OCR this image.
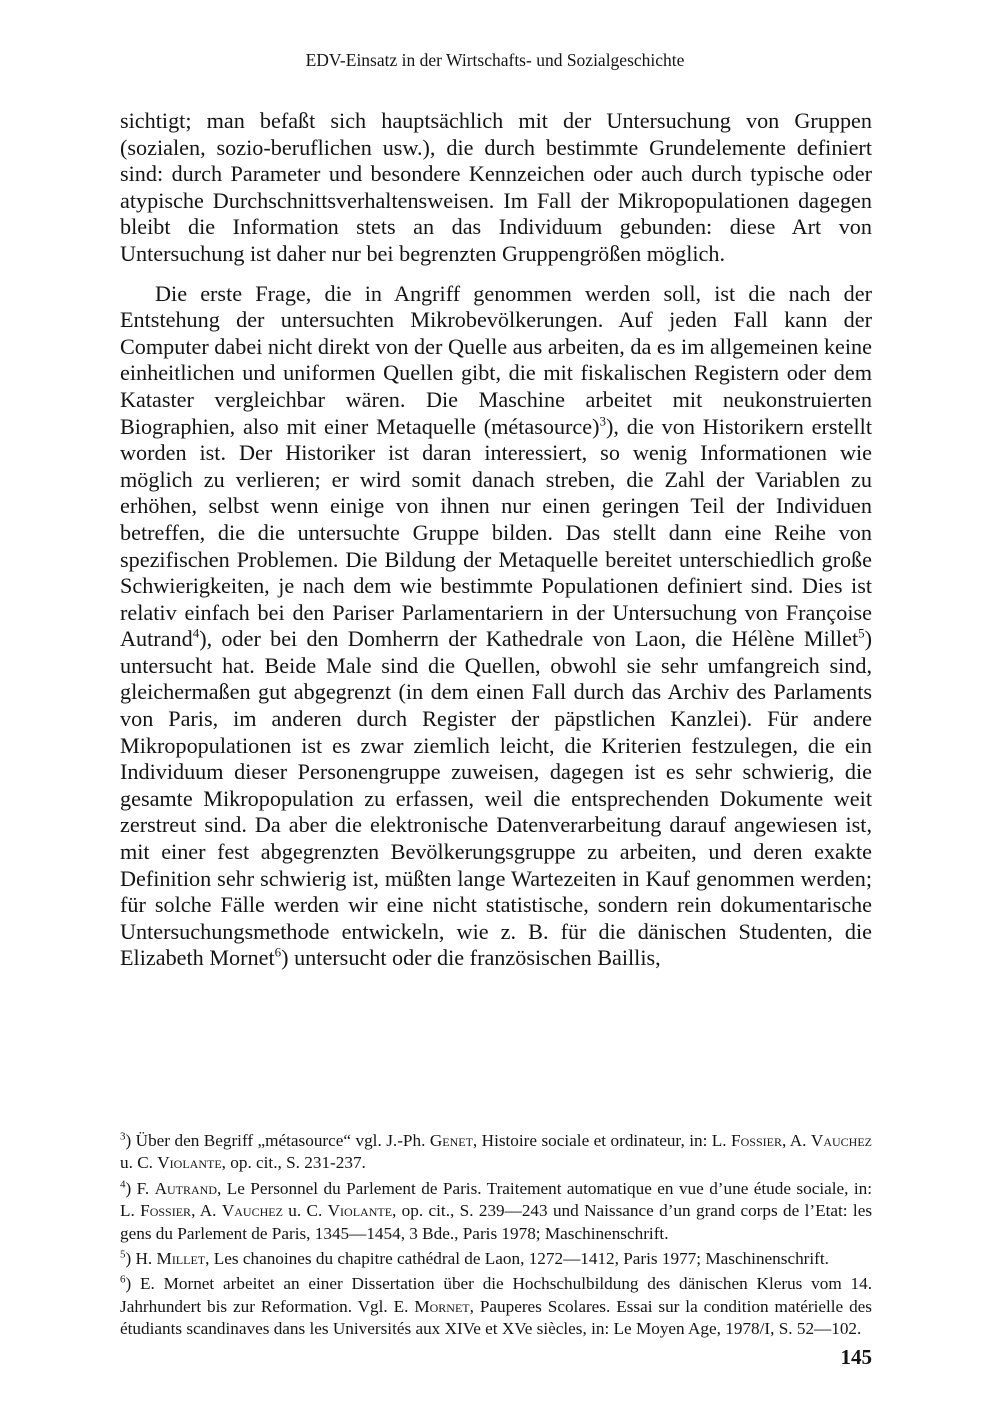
EDV-Einsatz in der Wirtschafts- und Sozialgeschichte

sichtigt; man befaßt sich hauptsächlich mit der Untersuchung von Gruppen (sozialen, sozio-beruflichen usw.), die durch bestimmte Grundelemente definiert sind: durch Parameter und besondere Kennzeichen oder auch durch typische oder atypische Durchschnittsverhaltensweisen. Im Fall der Mikropopulationen dagegen bleibt die Information stets an das Individuum gebunden: diese Art von Untersuchung ist daher nur bei begrenzten Gruppengrößen möglich.

Die erste Frage, die in Angriff genommen werden soll, ist die nach der Entstehung der untersuchten Mikrobevölkerungen. Auf jeden Fall kann der Computer dabei nicht direkt von der Quelle aus arbeiten, da es im allgemeinen keine einheitlichen und uniformen Quellen gibt, die mit fiskalischen Registern oder dem Kataster vergleichbar wären. Die Maschine arbeitet mit neukonstruierten Biographien, also mit einer Metaquelle (métasource)$^3$), die von Historikern erstellt worden ist. Der Historiker ist daran interessiert, so wenig Informationen wie möglich zu verlieren; er wird somit danach streben, die Zahl der Variablen zu erhöhen, selbst wenn einige von ihnen nur einen geringen Teil der Individuen betreffen, die die untersuchte Gruppe bilden. Das stellt dann eine Reihe von spezifischen Problemen. Die Bildung der Metaquelle bereitet unterschiedlich große Schwierigkeiten, je nach dem wie bestimmte Populationen definiert sind. Dies ist relativ einfach bei den Pariser Parlamentariern in der Untersuchung von Françoise Autrand$^4$), oder bei den Domherrn der Kathedrale von Laon, die Hélène Millet$^5$) untersucht hat. Beide Male sind die Quellen, obwohl sie sehr umfangreich sind, gleichermaßen gut abgegrenzt (in dem einen Fall durch das Archiv des Parlaments von Paris, im anderen durch Register der päpstlichen Kanzlei). Für andere Mikropopulationen ist es zwar ziemlich leicht, die Kriterien festzulegen, die ein Individuum dieser Personengruppe zuweisen, dagegen ist es sehr schwierig, die gesamte Mikropopulation zu erfassen, weil die entsprechenden Dokumente weit zerstreut sind. Da aber die elektronische Datenverarbeitung darauf angewiesen ist, mit einer fest abgegrenzten Bevölkerungsgruppe zu arbeiten, und deren exakte Definition sehr schwierig ist, müßten lange Wartezeiten in Kauf genommen werden; für solche Fälle werden wir eine nicht statistische, sondern rein dokumentarische Untersuchungsmethode entwickeln, wie z. B. für die dänischen Studenten, die Elizabeth Mornet$^6$) untersucht oder die französischen Baillis,

$^3$) Über den Begriff „métasource“ vgl. J.-Ph. Genet, Histoire sociale et ordinateur, in: L. Fossier, A. Vauchez u. C. Violante, op. cit., S. 231-237.

$^4$) F. Autrand, Le Personnel du Parlement de Paris. Traitement automatique en vue d’une étude sociale, in: L. Fossier, A. Vauchez u. C. Violante, op. cit., S. 239—243 und Naissance d’un grand corps de l’Etat: les gens du Parlement de Paris, 1345—1454, 3 Bde., Paris 1978; Maschinenschrift.

$^5$) H. Millet, Les chanoines du chapitre cathédral de Laon, 1272—1412, Paris 1977; Maschinenschrift.

$^6$) E. Mornet arbeitet an einer Dissertation über die Hochschulbildung des dänischen Klerus vom 14. Jahrhundert bis zur Reformation. Vgl. E. Mornet, Pauperes Scolares. Essai sur la condition matérielle des étudiants scandinaves dans les Universités aux XIVe et XVe siècles, in: Le Moyen Age, 1978/I, S. 52—102.

145
